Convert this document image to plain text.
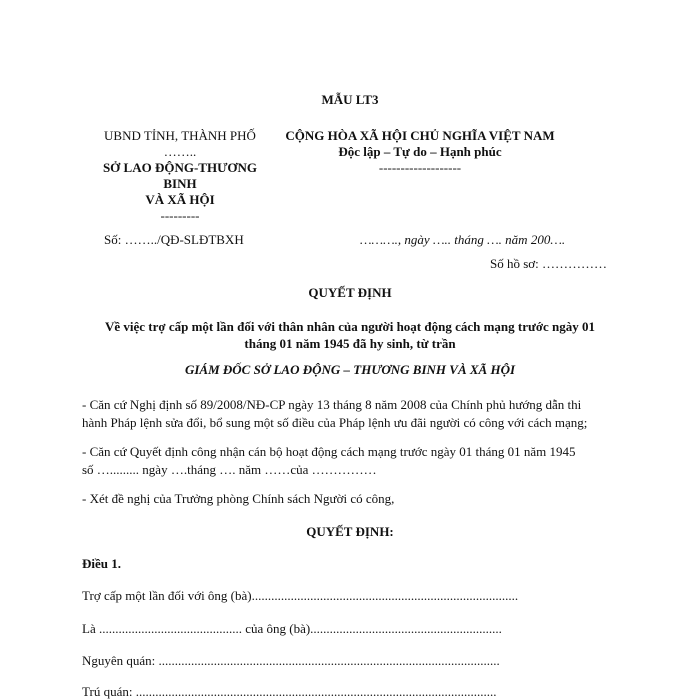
MẪU LT3
UBND TỈNH, THÀNH PHỐ
……..
SỞ LAO ĐỘNG-THƯƠNG
BINH
VÀ XÃ HỘI
---------
CỘNG HÒA XÃ HỘI CHỦ NGHĨA VIỆT NAM
Độc lập – Tự do – Hạnh phúc
-------------------
Số: ……../QĐ-SLĐTBXH	………., ngày ….. tháng …. năm 200….
Số hồ sơ: ……………
QUYẾT ĐỊNH
Về việc trợ cấp một lần đối với thân nhân của người hoạt động cách mạng trước ngày 01
tháng 01 năm 1945 đã hy sinh, từ trần
GIÁM ĐỐC SỞ LAO ĐỘNG – THƯƠNG BINH VÀ XÃ HỘI
- Căn cứ Nghị định số 89/2008/NĐ-CP ngày 13 tháng 8 năm 2008 của Chính phủ hướng dẫn thi
hành Pháp lệnh sửa đổi, bổ sung một số điều của Pháp lệnh ưu đãi người có công với cách mạng;
- Căn cứ Quyết định công nhận cán bộ hoạt động cách mạng trước ngày 01 tháng 01 năm 1945
số …......... ngày ….tháng …. năm ……của ……………
- Xét đề nghị của Trưởng phòng Chính sách Người có công,
QUYẾT ĐỊNH:
Điều 1.
Trợ cấp một lần đối với ông (bà)..................................................................................
Là ............................................ của ông (bà)...........................................................
Nguyên quán: .........................................................................................................
Trú quán: ...............................................................................................................
